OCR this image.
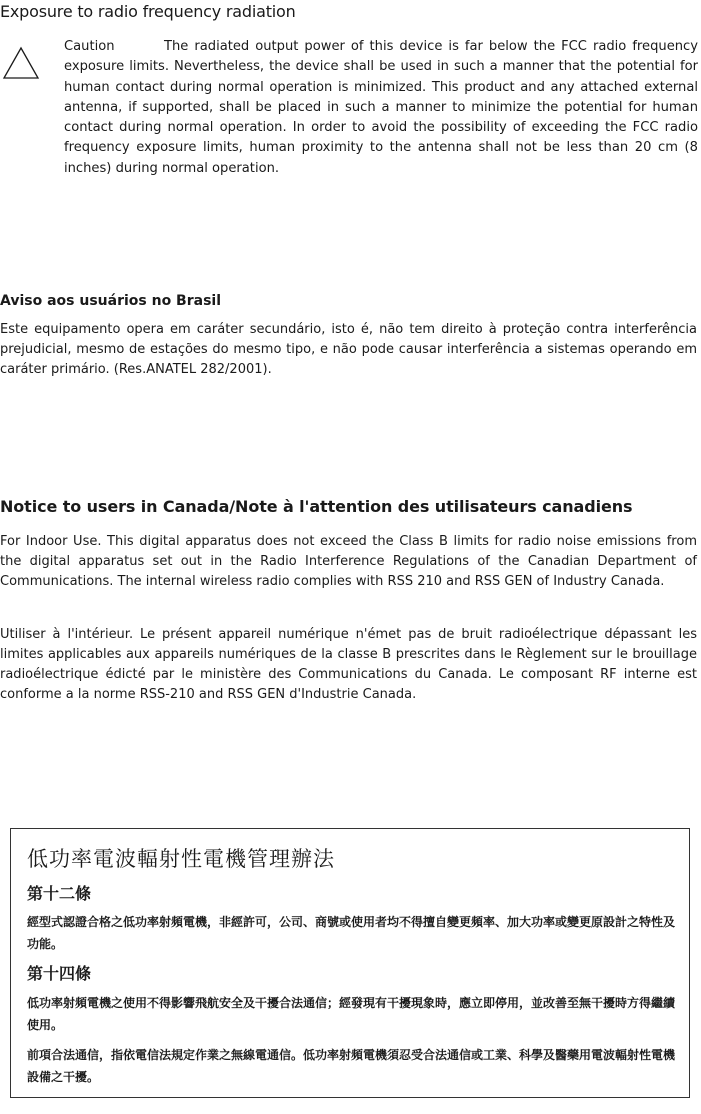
Exposure to radio frequency radiation

Caution	The radiated output power of this device is far below the FCC radio frequency exposure limits. Nevertheless, the device shall be used in such a manner that the potential for human contact during normal operation is minimized. This product and any attached external antenna, if supported, shall be placed in such a manner to minimize the potential for human contact during normal operation. In order to avoid the possibility of exceeding the FCC radio frequency exposure limits, human proximity to the antenna shall not be less than 20 cm (8 inches) during normal operation.

Aviso aos usuários no Brasil

Este equipamento opera em caráter secundário, isto é, não tem direito à proteção contra interferência prejudicial, mesmo de estações do mesmo tipo, e não pode causar interferência a sistemas operando em caráter primário. (Res.ANATEL 282/2001).

Notice to users in Canada/Note à l'attention des utilisateurs canadiens

For Indoor Use. This digital apparatus does not exceed the Class B limits for radio noise emissions from the digital apparatus set out in the Radio Interference Regulations of the Canadian Department of Communications. The internal wireless radio complies with RSS 210 and RSS GEN of Industry Canada.

Utiliser à l'intérieur. Le présent appareil numérique n'émet pas de bruit radioélectrique dépassant les limites applicables aux appareils numériques de la classe B prescrites dans le Règlement sur le brouillage radioélectrique édicté par le ministère des Communications du Canada. Le composant RF interne est conforme a la norme RSS-210 and RSS GEN d'Industrie Canada.

低功率電波輻射性電機管理辦法
第十二條

經型式認證合格之低功率射頻電機，非經許可，公司、商號或使用者均不得擅自變更頻率、加大功率或變更原設計之特性及功能。

第十四條

低功率射頻電機之使用不得影響飛航安全及干擾合法通信；經發現有干擾現象時，應立即停用，並改善至無干擾時方得繼續使用。

前項合法通信，指依電信法規定作業之無線電通信。低功率射頻電機須忍受合法通信或工業、科學及醫藥用電波輻射性電機設備之干擾。
